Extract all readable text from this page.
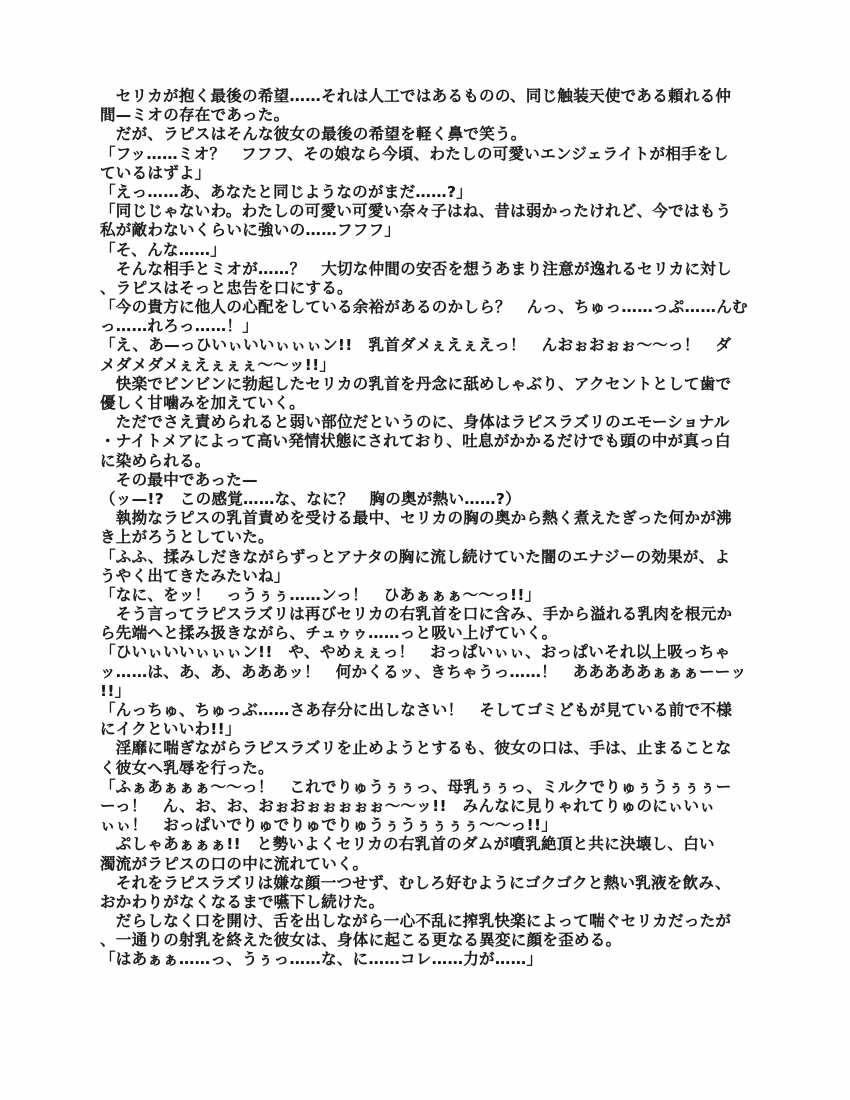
　セリカが抱く最後の希望……それは人工ではあるものの、同じ触装天使である頼れる仲
間—ミオの存在であった。
　だが、ラピスはそんな彼女の最後の希望を軽く鼻で笑う。
「フッ……ミオ？　フフフ、その娘なら今頃、わたしの可愛いエンジェライトが相手をし
ているはずよ」
「えっ……あ、あなたと同じようなのがまだ……?」
「同じじゃないわ。わたしの可愛い可愛い奈々子はね、昔は弱かったけれど、今ではもう
私が敵わないくらいに強いの……フフフ」
「そ、んな……」
　そんな相手とミオが……？　大切な仲間の安否を想うあまり注意が逸れるセリカに対し
、ラピスはそっと忠告を口にする。
「今の貴方に他人の心配をしている余裕があるのかしら？　んっ、ちゅっ……っぷ……んむ
っ……れろっ……！」
「え、あ—っひいぃいいぃぃぃン!!　乳首ダメぇえぇえっ！　んおぉおぉぉ～～っ！　ダ
メダメダメぇえぇぇぇ～～ッ!!」
　快楽でビンビンに勃起したセリカの乳首を丹念に舐めしゃぶり、アクセントとして歯で
優しく甘噛みを加えていく。
　ただでさえ責められると弱い部位だというのに、身体はラピスラズリのエモーショナル
・ナイトメアによって高い発情状態にされており、吐息がかかるだけでも頭の中が真っ白
に染められる。
　その最中であった—
（ッ—!?　この感覚……な、なに？　胸の奥が熱い……?）
　執拗なラピスの乳首責めを受ける最中、セリカの胸の奥から熱く煮えたぎった何かが沸
き上がろうとしていた。
「ふふ、揉みしだきながらずっとアナタの胸に流し続けていた闇のエナジーの効果が、よ
うやく出てきたみたいね」
「なに、をッ！　っうぅぅ……ンっ！　ひあぁぁぁ～～っ!!」
　そう言ってラピスラズリは再びセリカの右乳首を口に含み、手から溢れる乳肉を根元か
ら先端へと揉み扱きながら、チュゥゥ……っと吸い上げていく。
「ひいぃいいぃぃぃン!!　や、やめぇぇっ！　おっぱいぃぃ、おっぱいそれ以上吸っちゃ
ッ……は、あ、あ、あああッ！　何かくるッ、きちゃうっ……！　あああああぁぁぁーーッ
!!」
「んっちゅ、ちゅっぶ……さあ存分に出しなさい！　そしてゴミどもが見ている前で不様
にイクといいわ!!」
　淫靡に喘ぎながらラピスラズリを止めようとするも、彼女の口は、手は、止まることな
く彼女へ乳辱を行った。
「ふぁあぁぁぁ～～っ！　これでりゅうぅぅっ、母乳ぅぅっ、ミルクでりゅぅうぅぅぅー
ーっ！　ん、お、お、おぉおぉぉぉぉぉ～～ッ!!　みんなに見りゃれてりゅのにぃいぃ
ぃぃ！　おっぱいでりゅでりゅでりゅうぅうぅぅぅぅ～～っ!!」
　ぷしゃあぁぁぁ!!　と勢いよくセリカの右乳首のダムが噴乳絶頂と共に決壊し、白い
濁流がラピスの口の中に流れていく。
　それをラピスラズリは嫌な顔一つせず、むしろ好むようにゴクゴクと熱い乳液を飲み、
おかわりがなくなるまで嚥下し続けた。
　だらしなく口を開け、舌を出しながら一心不乱に搾乳快楽によって喘ぐセリカだったが
、一通りの射乳を終えた彼女は、身体に起こる更なる異変に顔を歪める。
「はあぁぁ……っ、うぅっ……な、に……コレ……力が……」
